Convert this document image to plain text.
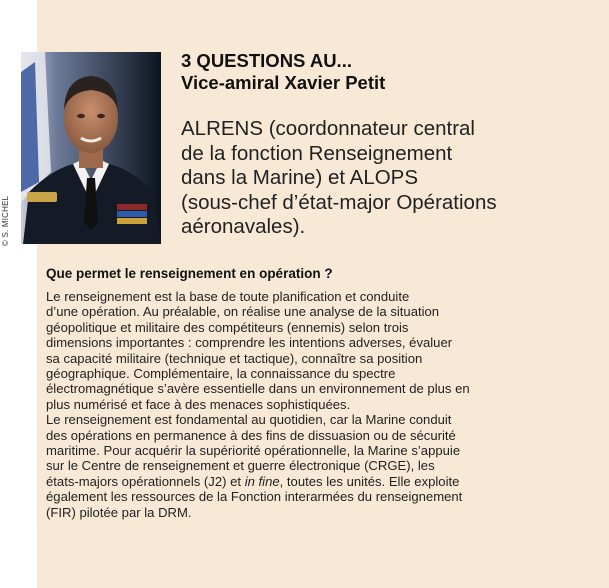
© S. MICHEL
3 QUESTIONS AU...
Vice-amiral Xavier Petit

ALRENS (coordonnateur central
de la fonction Renseignement
dans la Marine) et ALOPS
(sous-chef d’état-major Opérations
aéronavales).

Que permet le renseignement en opération ?
Le renseignement est la base de toute planification et conduite
d’une opération. Au préalable, on réalise une analyse de la situation
géopolitique et militaire des compétiteurs (ennemis) selon trois
dimensions importantes : comprendre les intentions adverses, évaluer
sa capacité militaire (technique et tactique), connaître sa position
géographique. Complémentaire, la connaissance du spectre
électromagnétique s’avère essentielle dans un environnement de plus en
plus numérisé et face à des menaces sophistiquées.
Le renseignement est fondamental au quotidien, car la Marine conduit
des opérations en permanence à des fins de dissuasion ou de sécurité
maritime. Pour acquérir la supériorité opérationnelle, la Marine s’appuie
sur le Centre de renseignement et guerre électronique (CRGE), les
états-majors opérationnels (J2) et in fine, toutes les unités. Elle exploite
également les ressources de la Fonction interarmées du renseignement
(FIR) pilotée par la DRM.
